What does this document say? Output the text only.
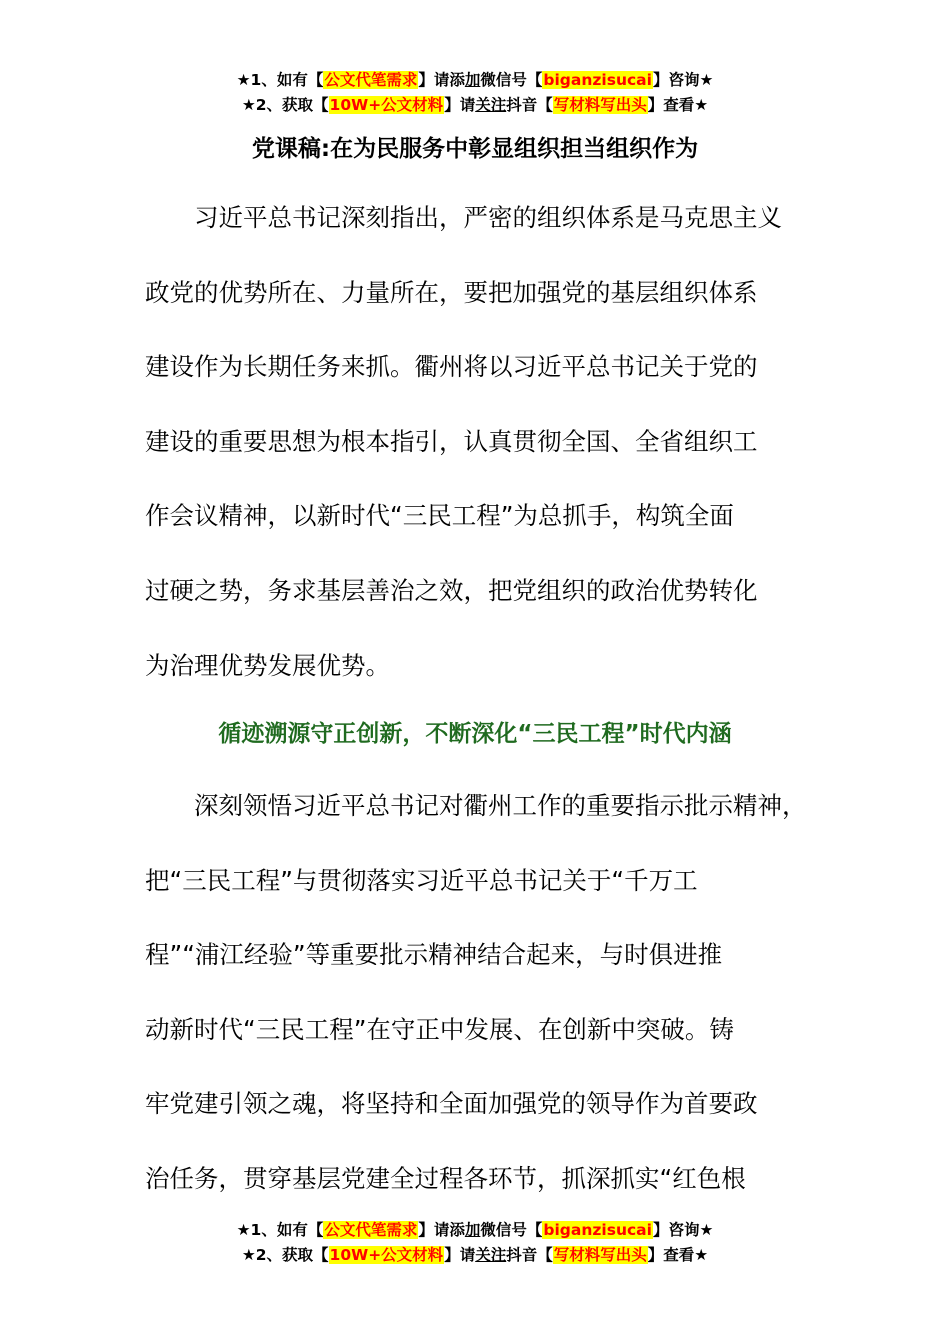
★1、如有【公文代笔需求】请添加微信号【biganzisucai】咨询★
★2、获取【10W+公文材料】请关注抖音【写材料写出头】查看★
党课稿:在为民服务中彰显组织担当组织作为
　　习近平总书记深刻指出，严密的组织体系是马克思主义
政党的优势所在、力量所在，要把加强党的基层组织体系
建设作为长期任务来抓。衢州将以习近平总书记关于党的
建设的重要思想为根本指引，认真贯彻全国、全省组织工
作会议精神，以新时代“三民工程”为总抓手，构筑全面
过硬之势，务求基层善治之效，把党组织的政治优势转化
为治理优势发展优势。
循迹溯源守正创新，不断深化“三民工程”时代内涵
　　深刻领悟习近平总书记对衢州工作的重要指示批示精神，
把“三民工程”与贯彻落实习近平总书记关于“千万工
程”“浦江经验”等重要批示精神结合起来，与时俱进推
动新时代“三民工程”在守正中发展、在创新中突破。铸
牢党建引领之魂，将坚持和全面加强党的领导作为首要政
治任务，贯穿基层党建全过程各环节，抓深抓实“红色根
★1、如有【公文代笔需求】请添加微信号【biganzisucai】咨询★
★2、获取【10W+公文材料】请关注抖音【写材料写出头】查看★
